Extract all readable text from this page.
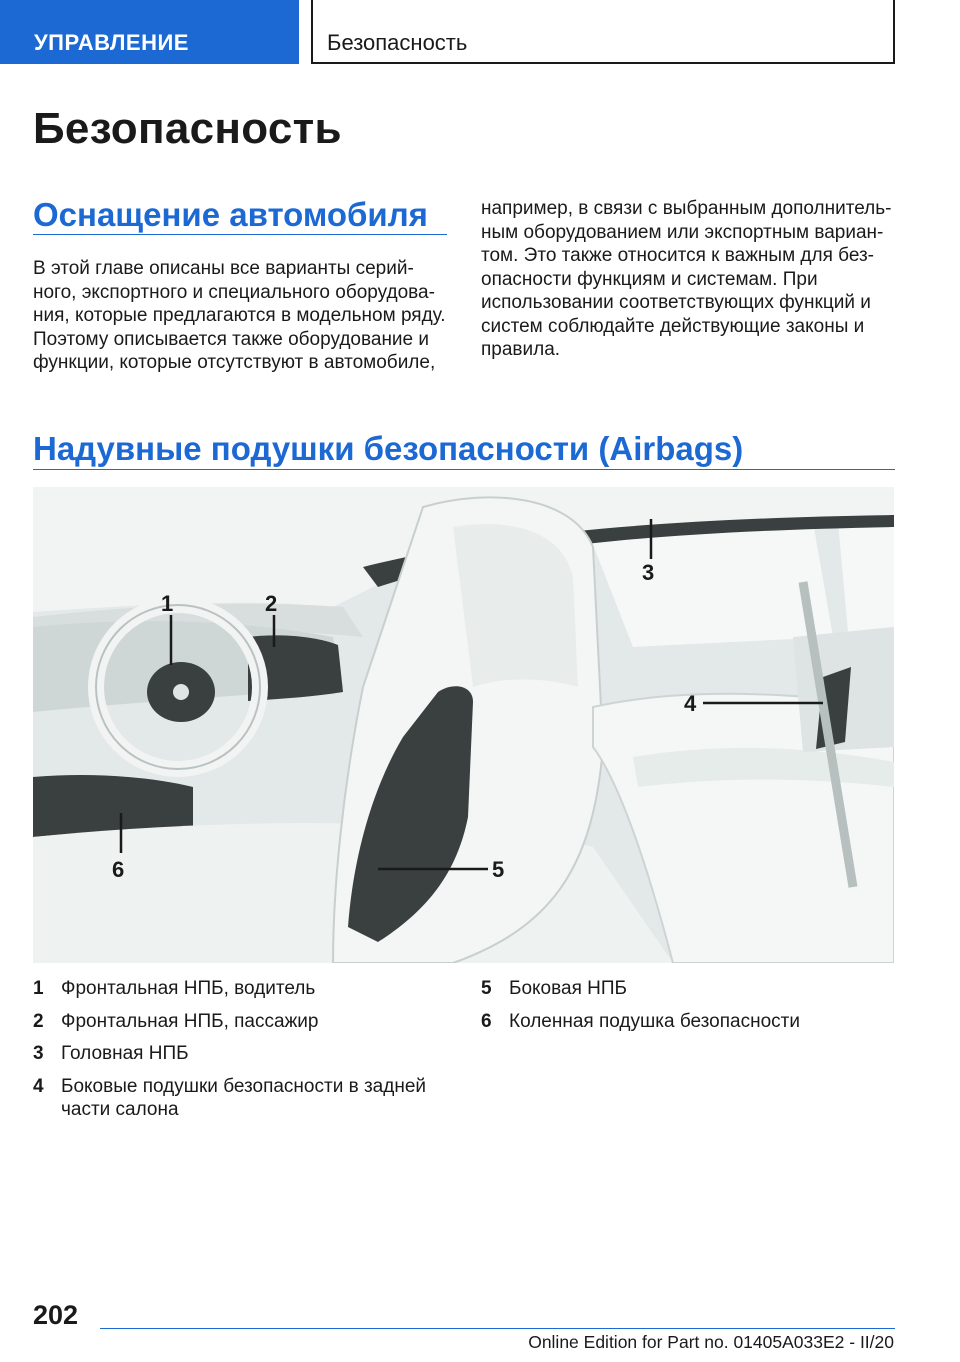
УПРАВЛЕНИЕ	Безопасность
Безопасность
Оснащение автомобиля

В этой главе описаны все варианты серий-
ного, экспортного и специального оборудова-
ния, которые предлагаются в модельном ряду.
Поэтому описывается также оборудование и
функции, которые отсутствуют в автомобиле,

например, в связи с выбранным дополнитель-
ным оборудованием или экспортным вариан-
том. Это также относится к важным для без-
опасности функциям и системам. При
использовании соответствующих функций и
систем соблюдайте действующие законы и
правила.

Надувные подушки безопасности (Airbags)
1	2
3
4
5
6
1 Фронтальная НПБ, водитель
2 Фронтальная НПБ, пассажир
3 Головная НПБ
4 Боковые подушки безопасности в задней части салона
5 Боковая НПБ
6 Коленная подушка безопасности
202
Online Edition for Part no. 01405A033E2 - II/20
